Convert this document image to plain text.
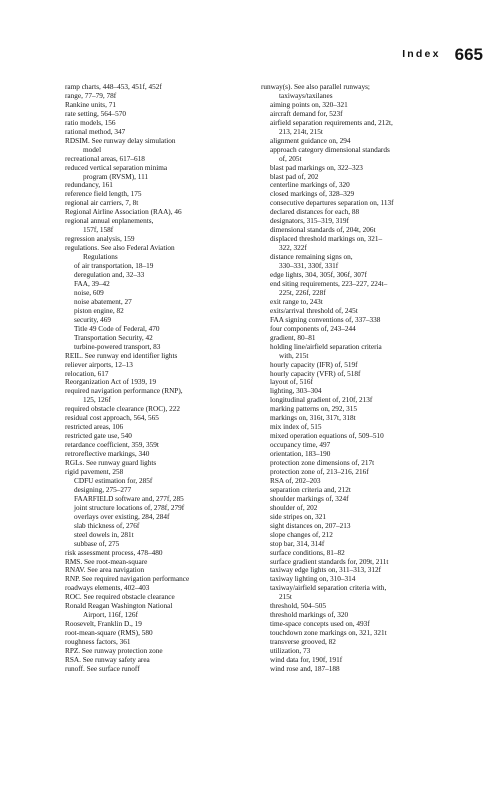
Index 665
ramp charts, 448–453, 451f, 452f
range, 77–79, 78f
Rankine units, 71
rate setting, 564–570
ratio models, 156
rational method, 347
RDSIM. See runway delay simulation
model
recreational areas, 617–618
reduced vertical separation minima
program (RVSM), 111
redundancy, 161
reference field length, 175
regional air carriers, 7, 8t
Regional Airline Association (RAA), 46
regional annual enplanements,
157f, 158f
regression analysis, 159
regulations. See also Federal Aviation
Regulations
of air transportation, 18–19
deregulation and, 32–33
FAA, 39–42
noise, 609
noise abatement, 27
piston engine, 82
security, 469
Title 49 Code of Federal, 470
Transportation Security, 42
turbine-powered transport, 83
REIL. See runway end identifier lights
reliever airports, 12–13
relocation, 617
Reorganization Act of 1939, 19
required navigation performance (RNP),
125, 126f
required obstacle clearance (ROC), 222
residual cost approach, 564, 565
restricted areas, 106
restricted gate use, 540
retardance coefficient, 359, 359t
retroreflective markings, 340
RGLs. See runway guard lights
rigid pavement, 258
CDFU estimation for, 285f
designing, 275–277
FAARFIELD software and, 277f, 285
joint structure locations of, 278f, 279f
overlays over existing, 284, 284f
slab thickness of, 276f
steel dowels in, 281t
subbase of, 275
risk assessment process, 478–480
RMS. See root-mean-square
RNAV. See area navigation
RNP. See required navigation performance
roadways elements, 402–403
ROC. See required obstacle clearance
Ronald Reagan Washington National
Airport, 116f, 126f
Roosevelt, Franklin D., 19
root-mean-square (RMS), 580
roughness factors, 361
RPZ. See runway protection zone
RSA. See runway safety area
runoff. See surface runoff
runway(s). See also parallel runways;
taxiways/taxilanes
aiming points on, 320–321
aircraft demand for, 523f
airfield separation requirements and, 212t,
213, 214t, 215t
alignment guidance on, 294
approach category dimensional standards
of, 205t
blast pad markings on, 322–323
blast pad of, 202
centerline markings of, 320
closed markings of, 328–329
consecutive departures separation on, 113f
declared distances for each, 88
designators, 315–319, 319f
dimensional standards of, 204t, 206t
displaced threshold markings on, 321–
322, 322f
distance remaining signs on,
330–331, 330f, 331f
edge lights, 304, 305f, 306f, 307f
end siting requirements, 223–227, 224t–
225t, 226f, 228f
exit range to, 243t
exits/arrival threshold of, 245t
FAA signing conventions of, 337–338
four components of, 243–244
gradient, 80–81
holding line/airfield separation criteria
with, 215t
hourly capacity (IFR) of, 519f
hourly capacity (VFR) of, 518f
layout of, 516f
lighting, 303–304
longitudinal gradient of, 210f, 213f
marking patterns on, 292, 315
markings on, 316t, 317t, 318t
mix index of, 515
mixed operation equations of, 509–510
occupancy time, 497
orientation, 183–190
protection zone dimensions of, 217t
protection zone of, 213–216, 216f
RSA of, 202–203
separation criteria and, 212t
shoulder markings of, 324f
shoulder of, 202
side stripes on, 321
sight distances on, 207–213
slope changes of, 212
stop bar, 314, 314f
surface conditions, 81–82
surface gradient standards for, 209t, 211t
taxiway edge lights on, 311–313, 312f
taxiway lighting on, 310–314
taxiway/airfield separation criteria with,
215t
threshold, 504–505
threshold markings of, 320
time-space concepts used on, 493f
touchdown zone markings on, 321, 321t
transverse grooved, 82
utilization, 73
wind data for, 190f, 191f
wind rose and, 187–188
